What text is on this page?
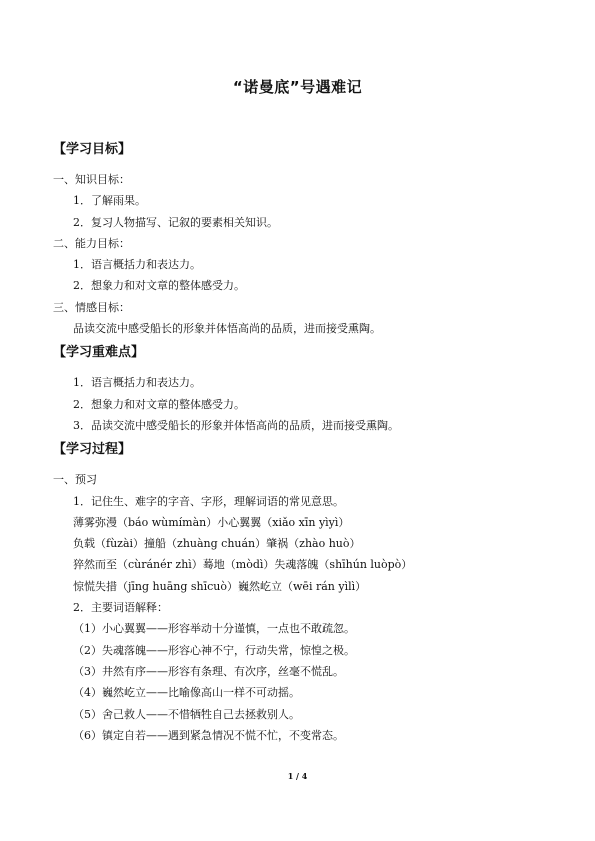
“诺曼底”号遇难记
【学习目标】
一、知识目标：
1．了解雨果。
2．复习人物描写、记叙的要素相关知识。
二、能力目标：
1．语言概括力和表达力。
2．想象力和对文章的整体感受力。
三、情感目标：
品读交流中感受船长的形象并体悟高尚的品质，进而接受熏陶。
【学习重难点】
1．语言概括力和表达力。
2．想象力和对文章的整体感受力。
3．品读交流中感受船长的形象并体悟高尚的品质，进而接受熏陶。
【学习过程】
一、预习
1．记住生、难字的字音、字形，理解词语的常见意思。
薄雾弥漫（báo wùmímàn）小心翼翼（xiǎo xīn yìyì）
负载（fùzài）撞船（zhuàng chuán）肇祸（zhào huò）
猝然而至（cùránér zhì）蓦地（mòdì）失魂落魄（shīhún luòpò）
惊慌失措（jīng huāng shīcuò）巍然屹立（wēi rán yìlì）
2．主要词语解释：
（1）小心翼翼——形容举动十分谨慎，一点也不敢疏忽。
（2）失魂落魄——形容心神不宁，行动失常，惊惶之极。
（3）井然有序——形容有条理、有次序，丝毫不慌乱。
（4）巍然屹立——比喻像高山一样不可动摇。
（5）舍己救人——不惜牺牲自己去拯救别人。
（6）镇定自若——遇到紧急情况不慌不忙，不变常态。
1 / 4
